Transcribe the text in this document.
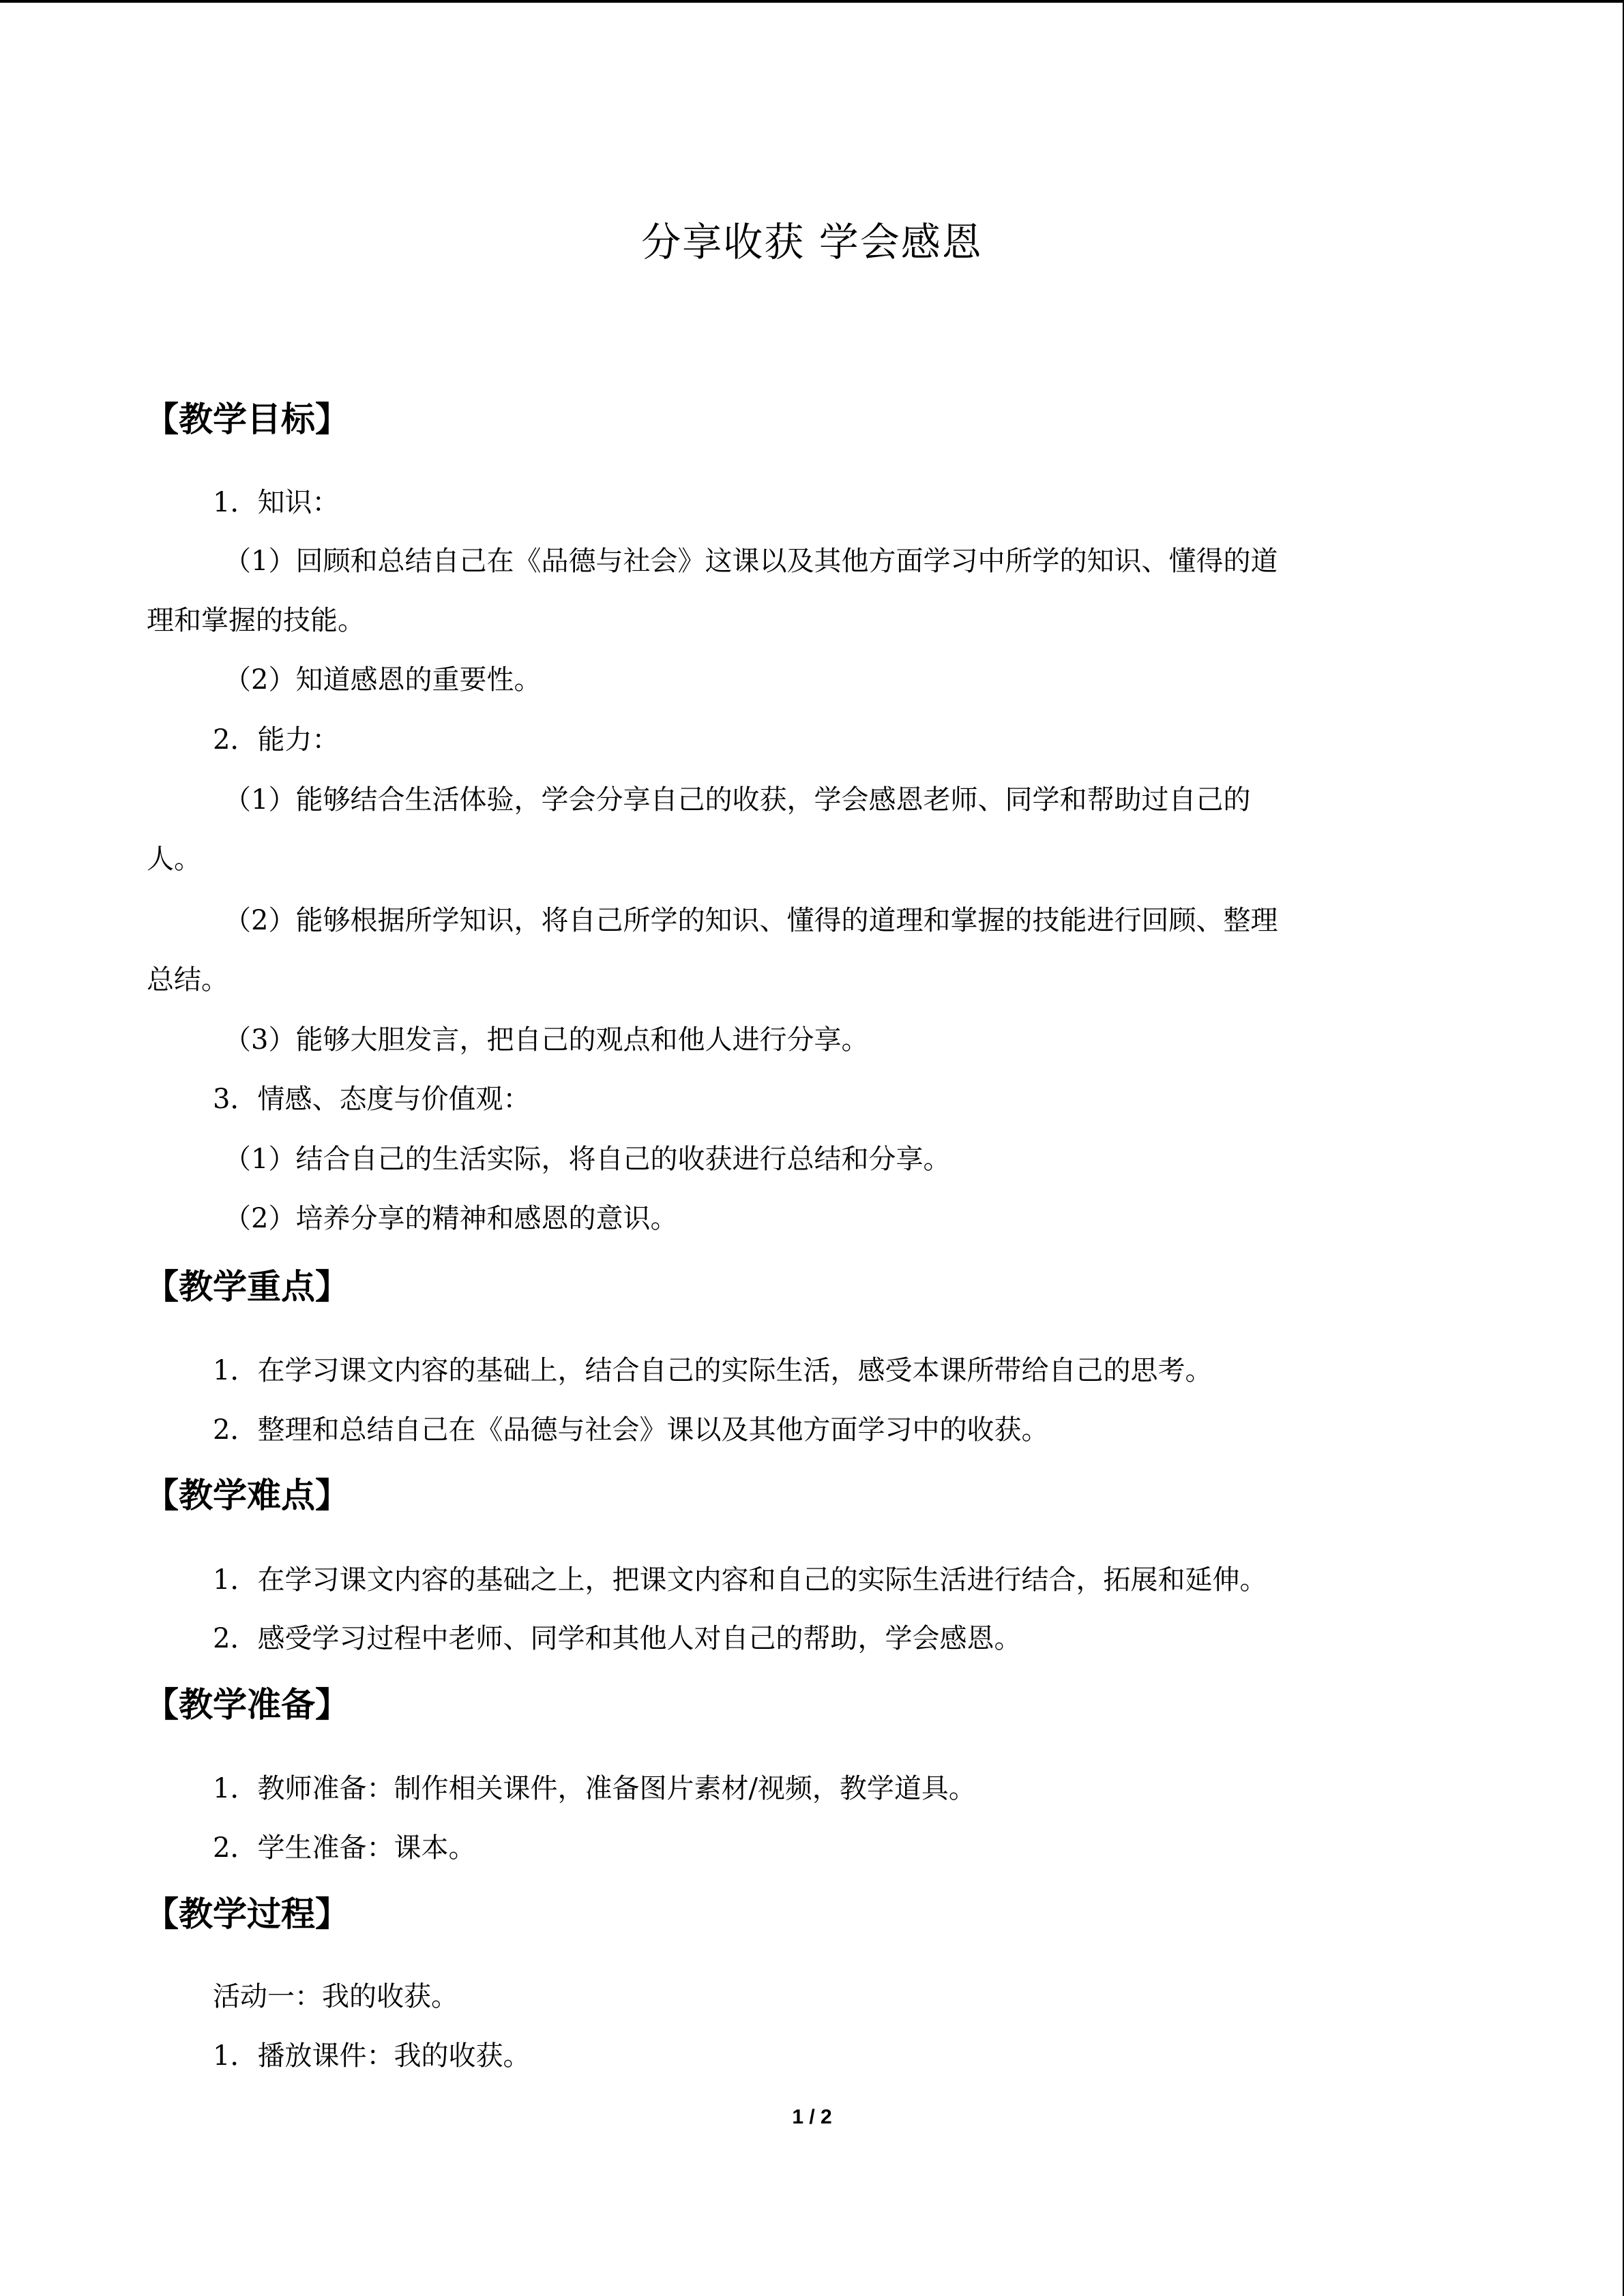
分享收获 学会感恩
【教学目标】
1．知识：
（1）回顾和总结自己在《品德与社会》这课以及其他方面学习中所学的知识、懂得的道
理和掌握的技能。
（2）知道感恩的重要性。
2．能力：
（1）能够结合生活体验，学会分享自己的收获，学会感恩老师、同学和帮助过自己的
人。
（2）能够根据所学知识，将自己所学的知识、懂得的道理和掌握的技能进行回顾、整理
总结。
（3）能够大胆发言，把自己的观点和他人进行分享。
3．情感、态度与价值观：
（1）结合自己的生活实际，将自己的收获进行总结和分享。
（2）培养分享的精神和感恩的意识。
【教学重点】
1．在学习课文内容的基础上，结合自己的实际生活，感受本课所带给自己的思考。
2．整理和总结自己在《品德与社会》课以及其他方面学习中的收获。
【教学难点】
1．在学习课文内容的基础之上，把课文内容和自己的实际生活进行结合，拓展和延伸。
2．感受学习过程中老师、同学和其他人对自己的帮助，学会感恩。
【教学准备】
1．教师准备：制作相关课件，准备图片素材/视频，教学道具。
2．学生准备：课本。
【教学过程】
活动一：我的收获。
1．播放课件：我的收获。
1 / 2
